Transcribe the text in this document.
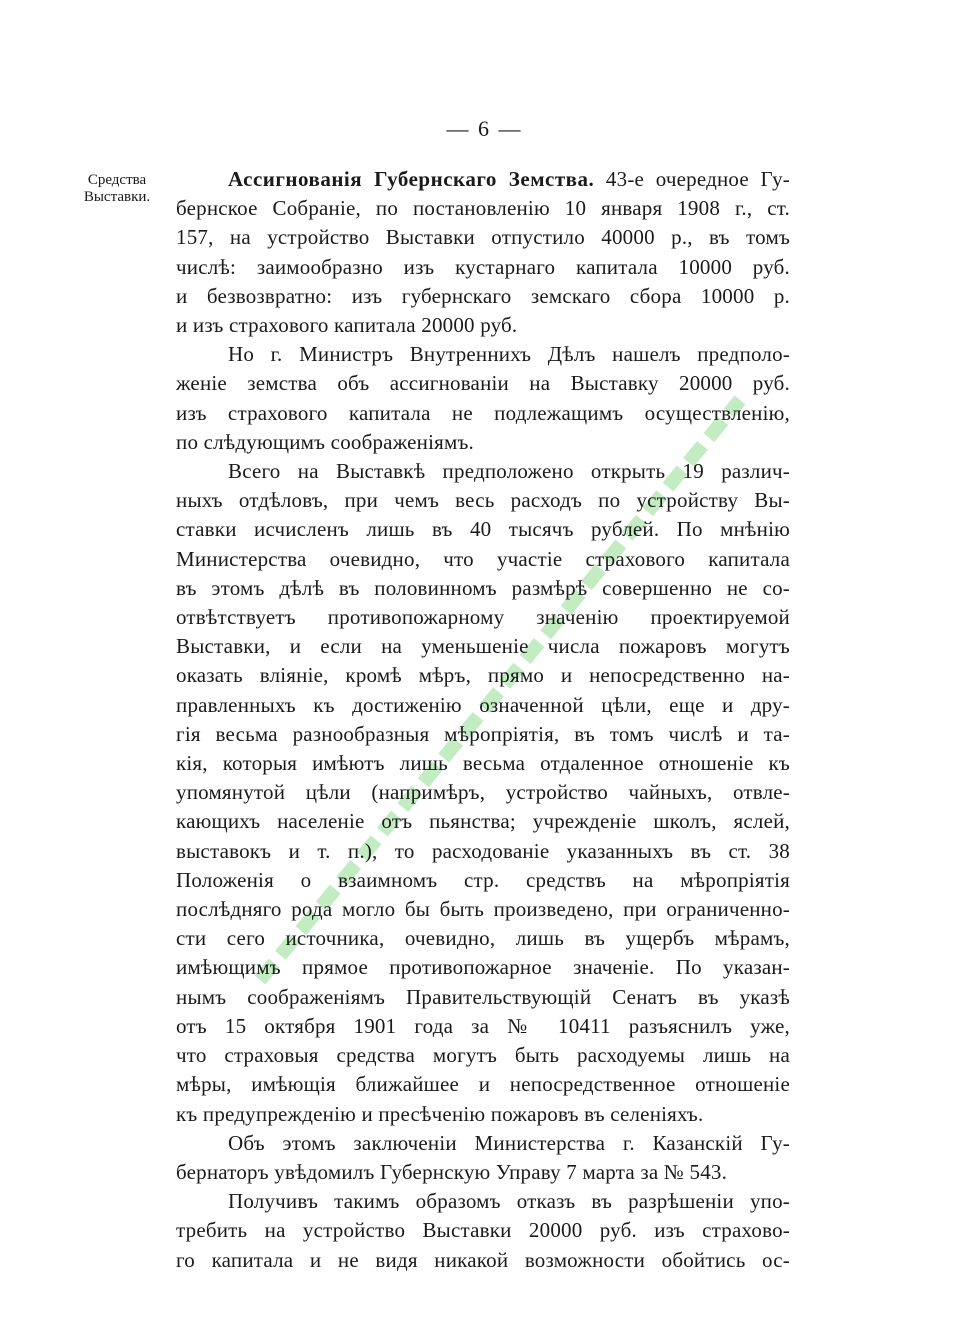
— 6 —
Средства
Выставки.
Ассигнованія Губернскаго Земства. 43-е очередное Гу-
бернское Собраніе, по постановленію 10 января 1908 г., ст.
157, на устройство Выставки отпустило 40000 р., въ томъ
числѣ: заимообразно изъ кустарнаго капитала 10000 руб.
и безвозвратно: изъ губернскаго земскаго сбора 10000 р.
и изъ страхового капитала 20000 руб.
Но г. Министръ Внутреннихъ Дѣлъ нашелъ предполо-
женіе земства объ ассигнованіи на Выставку 20000 руб.
изъ страхового капитала не подлежащимъ осуществленію,
по слѣдующимъ соображеніямъ.
Всего на Выставкѣ предположено открыть 19 различ-
ныхъ отдѣловъ, при чемъ весь расходъ по устройству Вы-
ставки исчисленъ лишь въ 40 тысячъ рублей. По мнѣнію
Министерства очевидно, что участіе страхового капитала
въ этомъ дѣлѣ въ половинномъ размѣрѣ совершенно не со-
отвѣтствуетъ противопожарному значенію проектируемой
Выставки, и если на уменьшеніе числа пожаровъ могутъ
оказать вліяніе, кромѣ мѣръ, прямо и непосредственно на-
правленныхъ къ достиженію означенной цѣли, еще и дру-
гія весьма разнообразныя мѣропріятія, въ томъ числѣ и та-
кія, которыя имѣютъ лишь весьма отдаленное отношеніе къ
упомянутой цѣли (напримѣръ, устройство чайныхъ, отвле-
кающихъ населеніе отъ пьянства; учрежденіе школъ, яслей,
выставокъ и т. п.), то расходованіе указанныхъ въ ст. 38
Положенія о взаимномъ стр. средствъ на мѣропріятія
послѣдняго рода могло бы быть произведено, при ограниченно-
сти сего источника, очевидно, лишь въ ущербъ мѣрамъ,
имѣющимъ прямое противопожарное значеніе. По указан-
нымъ соображеніямъ Правительствующій Сенатъ въ указѣ
отъ 15 октября 1901 года за № 10411 разъяснилъ уже,
что страховыя средства могутъ быть расходуемы лишь на
мѣры, имѣющія ближайшее и непосредственное отношеніе
къ предупрежденію и пресѣченію пожаровъ въ селеніяхъ.
Объ этомъ заключеніи Министерства г. Казанскій Гу-
бернаторъ увѣдомилъ Губернскую Управу 7 марта за № 543.
Получивъ такимъ образомъ отказъ въ разрѣшеніи упо-
требить на устройство Выставки 20000 руб. изъ страхово-
го капитала и не видя никакой возможности обойтись ос-
